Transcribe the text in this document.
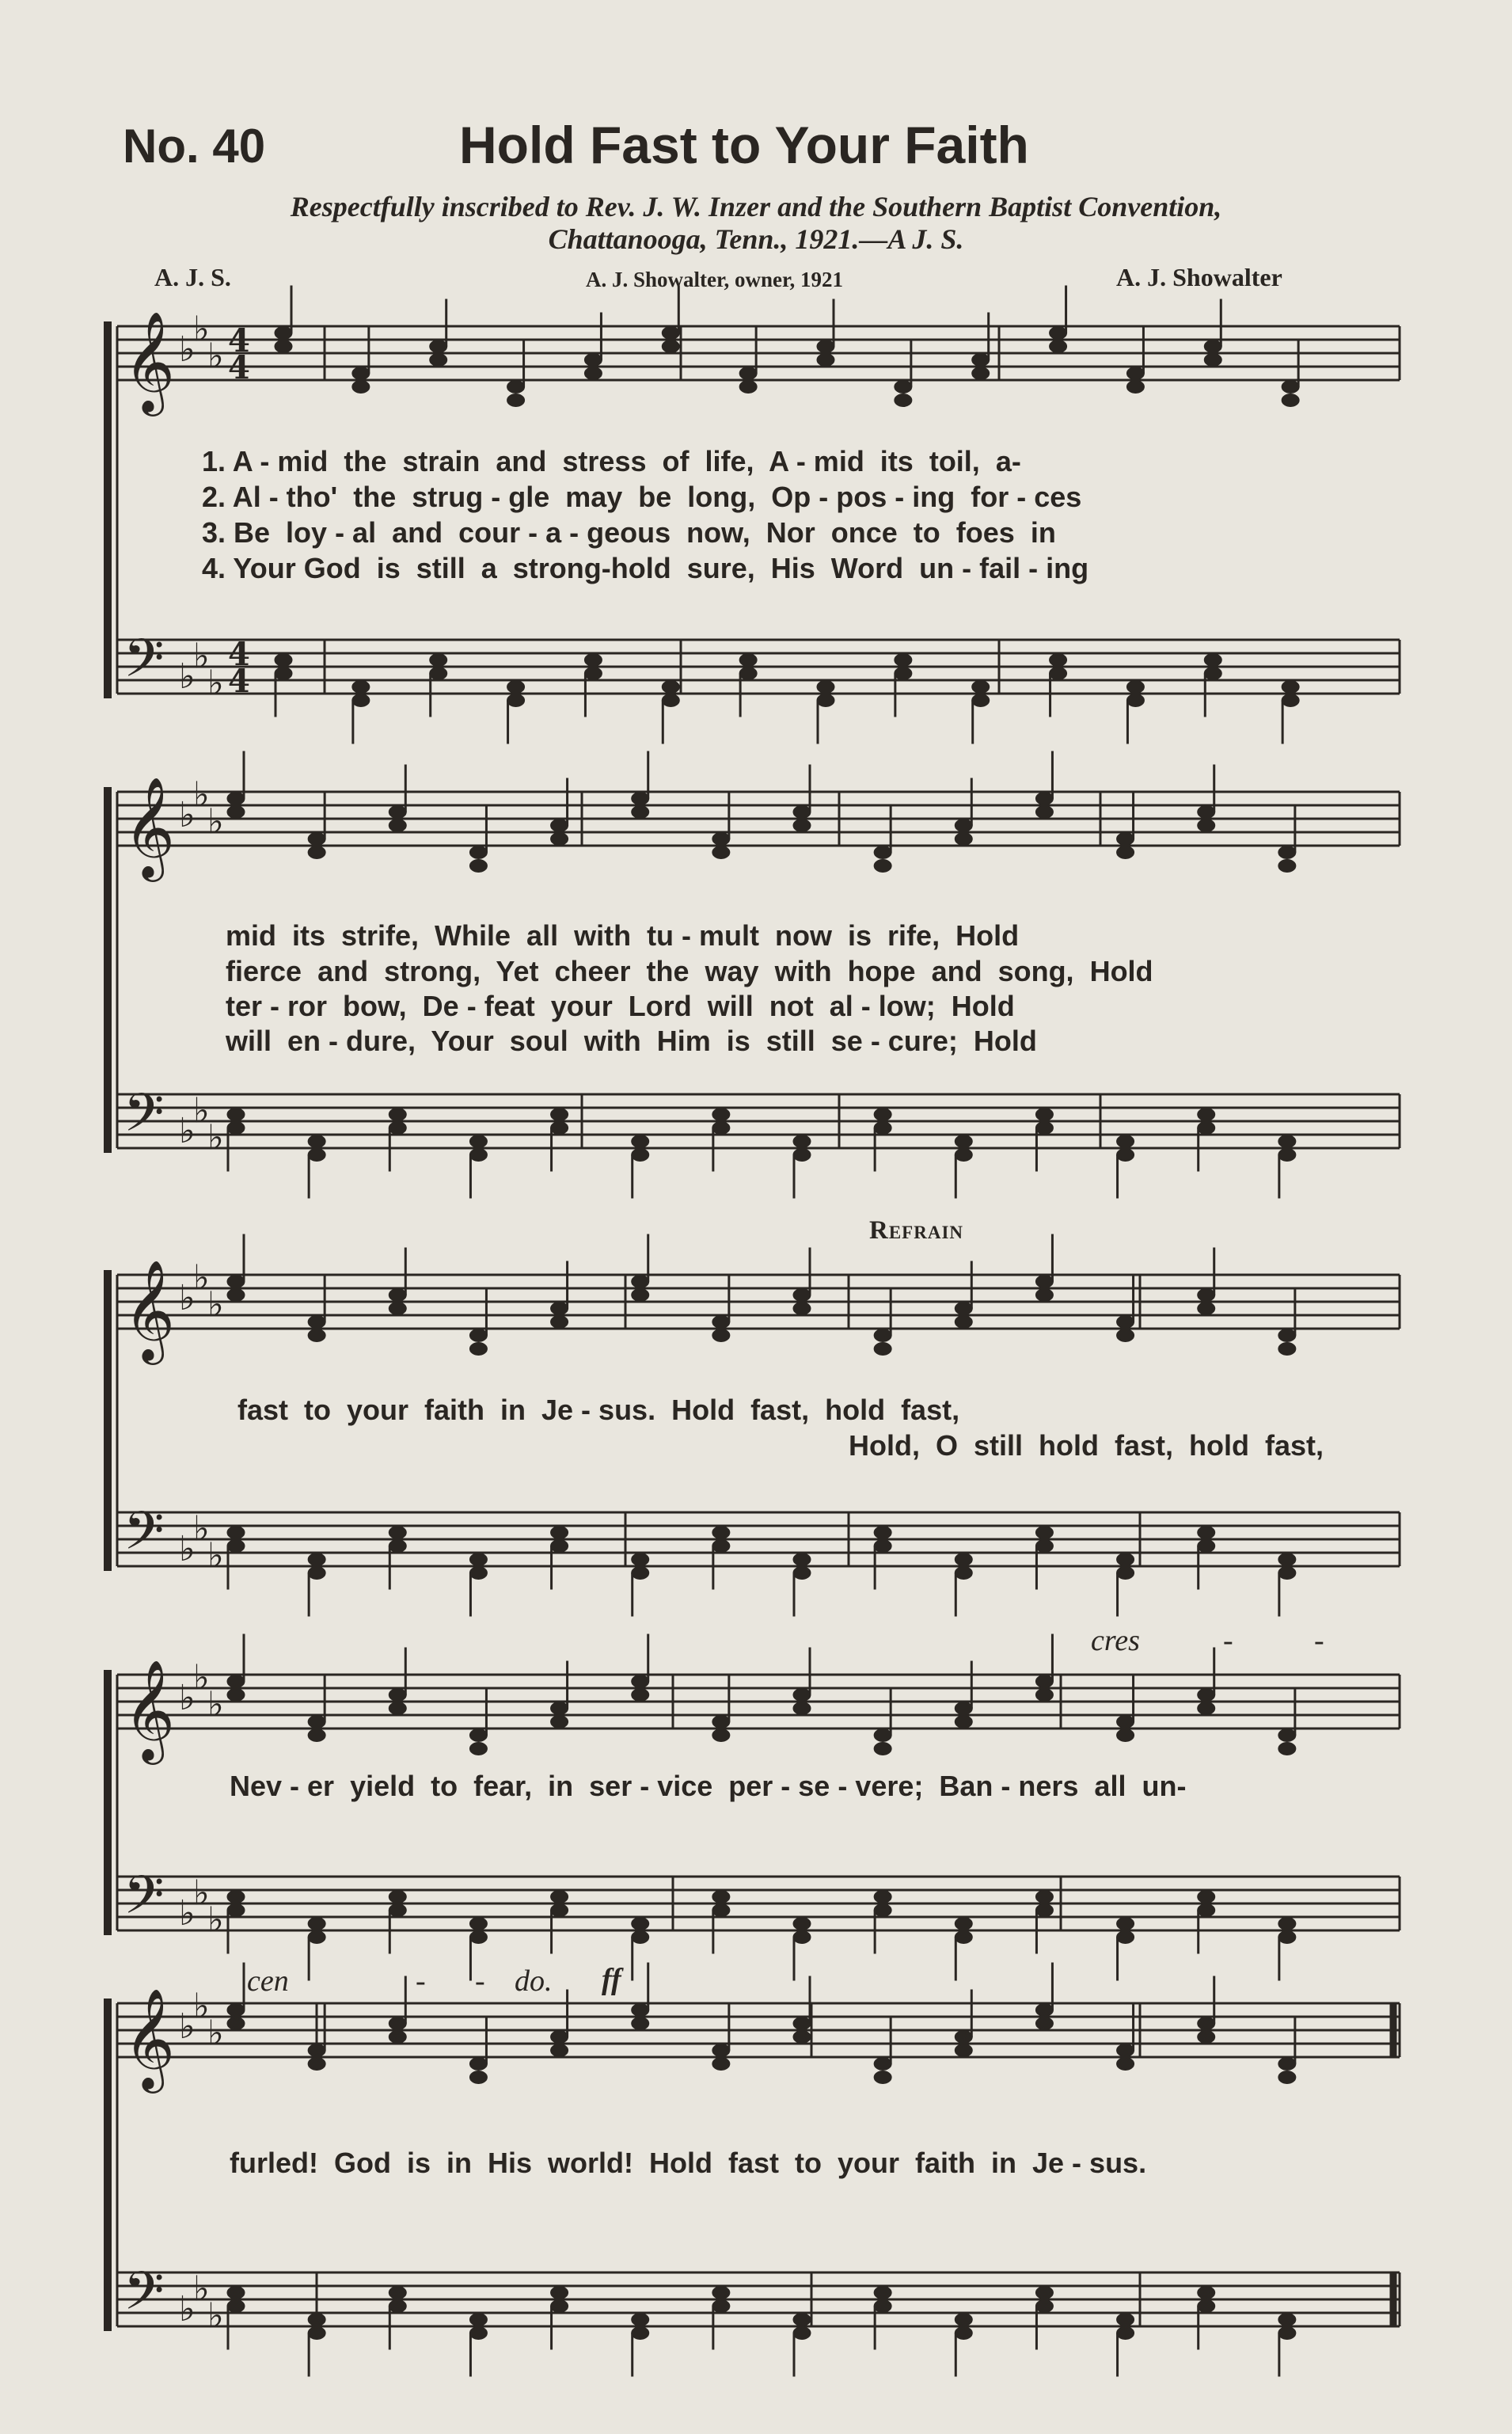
No. 40	Hold Fast to Your Faith
Respectfully inscribed to Rev. J. W. Inzer and the Southern Baptist Convention,
Chattanooga, Tenn., 1921.—A J. S.
A. J. S.	A. J. Showalter, owner, 1921	A. J. Showalter
𝄞
𝄢
♭
♭
♭
♭
♭
♭
4
4
4
4
𝄞
𝄢
♭
♭
♭
♭
♭
♭
𝄞
𝄢
♭
♭
♭
♭
♭
♭
𝄞
𝄢
♭
♭
♭
♭
♭
♭
𝄞
𝄢
♭
♭
♭
♭
♭
♭
1. A - mid  the  strain  and  stress  of  life,  A - mid  its  toil,  a-
2. Al - tho'  the  strug - gle  may  be  long,  Op - pos - ing  for - ces
3. Be  loy - al  and  cour - a - geous  now,  Nor  once  to  foes  in
4. Your God  is  still  a  strong-hold  sure,  His  Word  un - fail - ing
mid  its  strife,  While  all  with  tu - mult  now  is  rife,  Hold
fierce  and  strong,  Yet  cheer  the  way  with  hope  and  song,  Hold
ter - ror  bow,  De - feat  your  Lord  will  not  al - low;  Hold
will  en - dure,  Your  soul  with  Him  is  still  se - cure;  Hold
Refrain
fast  to  your  faith  in  Je - sus.  Hold  fast,  hold  fast,
Hold,  O  still  hold  fast,  hold  fast,
cres	-	-
Nev - er  yield  to  fear,  in  ser - vice  per - se - vere;  Ban - ners  all  un-
cen	- - do. ff
furled!  God  is  in  His  world!  Hold  fast  to  your  faith  in  Je - sus.
